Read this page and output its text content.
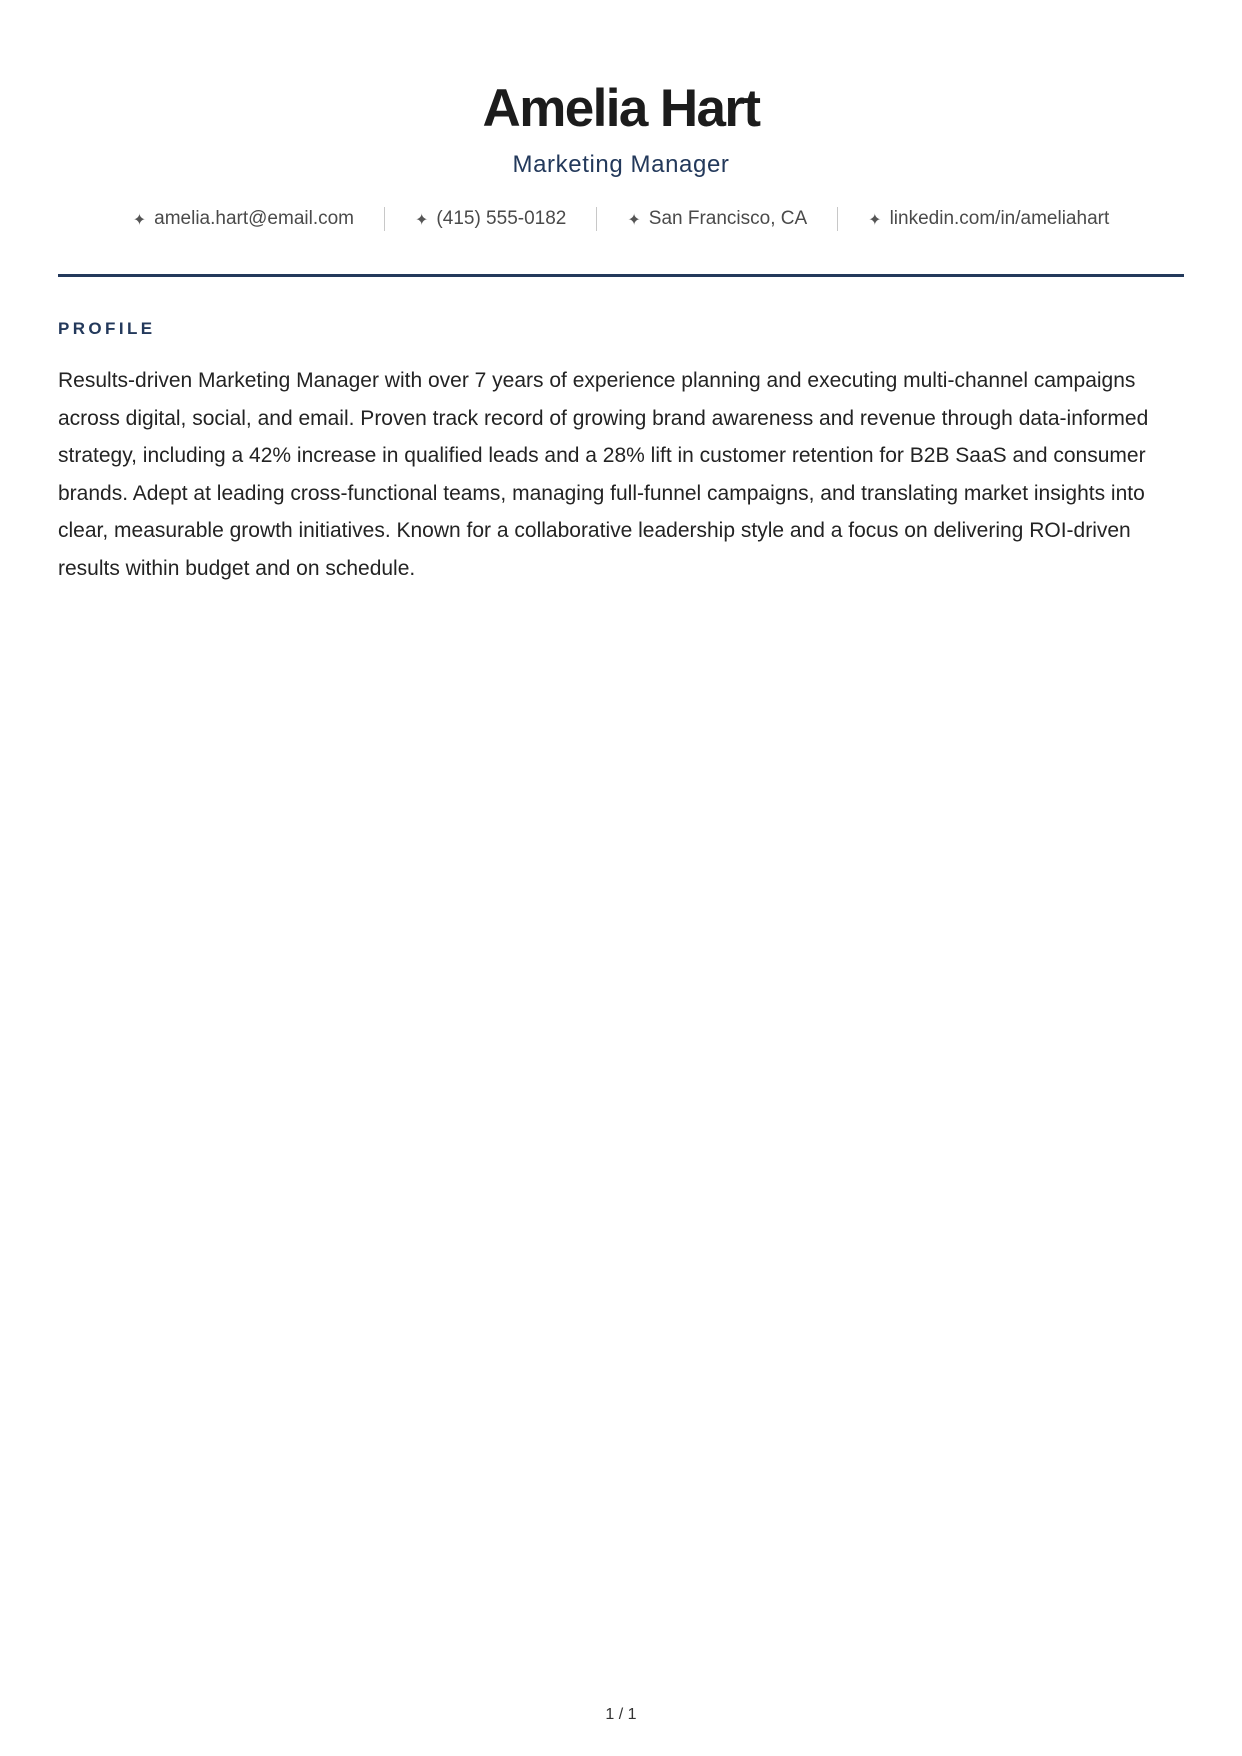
Amelia Hart
Marketing Manager
✦ amelia.hart@email.com	✦ (415) 555-0182	✦ San Francisco, CA	✦ linkedin.com/in/ameliahart
PROFILE

Results-driven Marketing Manager with over 7 years of experience planning and executing multi-channel campaigns across digital, social, and email. Proven track record of growing brand awareness and revenue through data-informed strategy, including a 42% increase in qualified leads and a 28% lift in customer retention for B2B SaaS and consumer brands. Adept at leading cross-functional teams, managing full-funnel campaigns, and translating market insights into clear, measurable growth initiatives. Known for a collaborative leadership style and a focus on delivering ROI-driven results within budget and on schedule.

1 / 1
